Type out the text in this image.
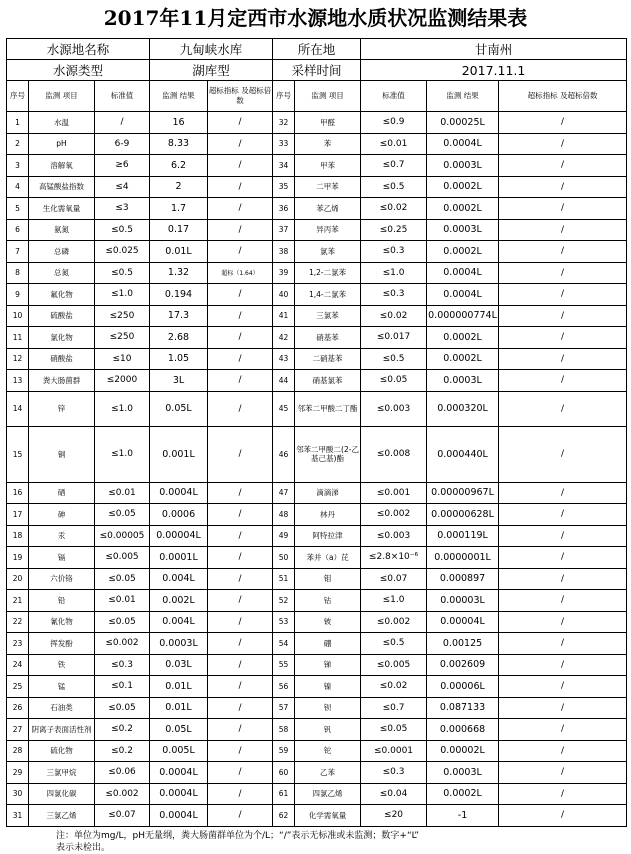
2017年11月定西市水源地水质状况监测结果表
水源地名称			九甸峡水库		所在地		甘南州		
水源类型			湖库型		采样时间		2017.11.1		
序号	监测 项目	标准值	监测 结果	超标指标 及超标倍数	序号	监测 项目	标准值	监测 结果	超标指标 及超标倍数
1	水温	/	16	/	32	甲醛	≤0.9	0.00025L	/
2	pH	6-9	8.33	/	33	苯	≤0.01	0.0004L	/
3	溶解氧	≥6	6.2	/	34	甲苯	≤0.7	0.0003L	/
4	高锰酸盐指数	≤4	2	/	35	二甲苯	≤0.5	0.0002L	/
5	生化需氧量	≤3	1.7	/	36	苯乙烯	≤0.02	0.0002L	/
6	氨氮	≤0.5	0.17	/	37	异丙苯	≤0.25	0.0003L	/
7	总磷	≤0.025	0.01L	/	38	氯苯	≤0.3	0.0002L	/
8	总氮	≤0.5	1.32	超标（1.64）	39	1,2-二氯苯	≤1.0	0.0004L	/
9	氟化物	≤1.0	0.194	/	40	1,4-二氯苯	≤0.3	0.0004L	/
10	硫酸盐	≤250	17.3	/	41	三氯苯	≤0.02	0.000000774L	/
11	氯化物	≤250	2.68	/	42	硝基苯	≤0.017	0.0002L	/
12	硝酸盐	≤10	1.05	/	43	二硝基苯	≤0.5	0.0002L	/
13	粪大肠菌群	≤2000	3L	/	44	硝基氯苯	≤0.05	0.0003L	/
14	锌	≤1.0	0.05L	/	45	邻苯二甲酸二丁酯	≤0.003	0.000320L	/
15	铜	≤1.0	0.001L	/	46	邻苯二甲酸二(2-乙基己基)酯	≤0.008	0.000440L	/
16	硒	≤0.01	0.0004L	/	47	滴滴涕	≤0.001	0.00000967L	/
17	砷	≤0.05	0.0006	/	48	林丹	≤0.002	0.00000628L	/
18	汞	≤0.00005	0.00004L	/	49	阿特拉津	≤0.003	0.000119L	/
19	镉	≤0.005	0.0001L	/	50	苯并（a）芘	≤2.8×10⁻⁶	0.0000001L	/
20	六价铬	≤0.05	0.004L	/	51	钼	≤0.07	0.000897	/
21	铅	≤0.01	0.002L	/	52	钴	≤1.0	0.00003L	/
22	氰化物	≤0.05	0.004L	/	53	铍	≤0.002	0.00004L	/
23	挥发酚	≤0.002	0.0003L	/	54	硼	≤0.5	0.00125	/
24	铁	≤0.3	0.03L	/	55	锑	≤0.005	0.002609	/
25	锰	≤0.1	0.01L	/	56	镍	≤0.02	0.00006L	/
26	石油类	≤0.05	0.01L	/	57	钡	≤0.7	0.087133	/
27	阴离子表面活性剂	≤0.2	0.05L	/	58	钒	≤0.05	0.000668	/
28	硫化物	≤0.2	0.005L	/	59	铊	≤0.0001	0.00002L	/
29	三氯甲烷	≤0.06	0.0004L	/	60	乙苯	≤0.3	0.0003L	/
30	四氯化碳	≤0.002	0.0004L	/	61	四氯乙烯	≤0.04	0.0002L	/
31	三氯乙烯	≤0.07	0.0004L	/	62	化学需氧量	≤20	-1	/
注：单位为mg/L，pH无量纲，粪大肠菌群单位为个/L；“/”表示无标准或未监测；数字+“L”
表示未检出。
